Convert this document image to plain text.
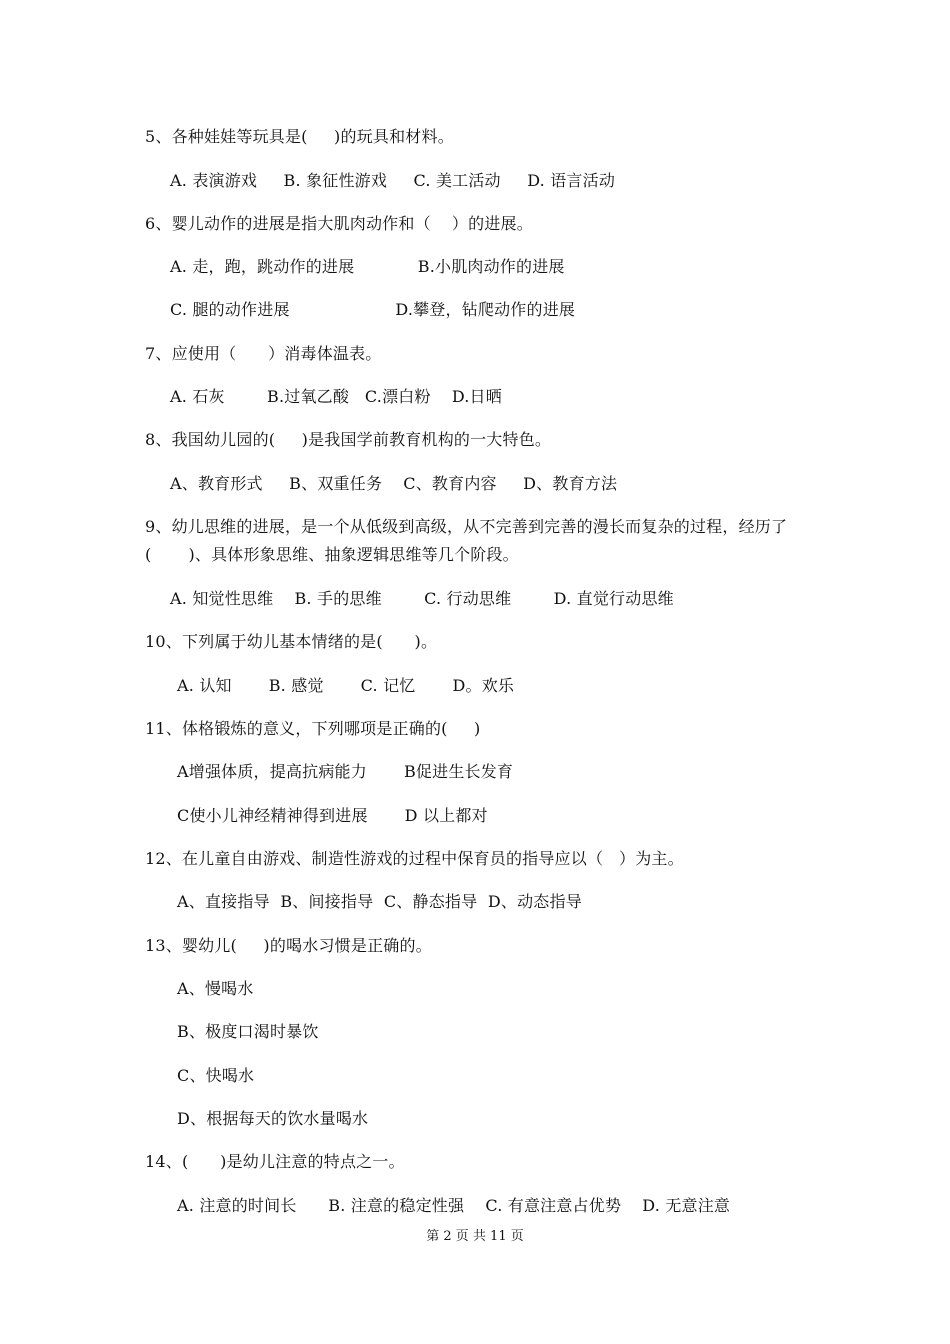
5、各种娃娃等玩具是(     )的玩具和材料。
A. 表演游戏     B. 象征性游戏     C. 美工活动     D. 语言活动
6、婴儿动作的进展是指大肌肉动作和（    ）的进展。
A. 走，跑，跳动作的进展            B.小肌肉动作的进展
C. 腿的动作进展                    D.攀登，钻爬动作的进展
7、应使用（      ）消毒体温表。
A. 石灰        B.过氧乙酸   C.漂白粉    D.日晒
8、我国幼儿园的(     )是我国学前教育机构的一大特色。
A、教育形式     B、双重任务    C、教育内容     D、教育方法
9、幼儿思维的进展，是一个从低级到高级，从不完善到完善的漫长而复杂的过程，经历了
(       )、具体形象思维、抽象逻辑思维等几个阶段。
A. 知觉性思维    B. 手的思维        C. 行动思维        D. 直觉行动思维
10、下列属于幼儿基本情绪的是(      )。
A. 认知       B. 感觉       C. 记忆       D。欢乐
11、体格锻炼的意义，下列哪项是正确的(     )
A增强体质，提高抗病能力       B促进生长发育
C使小儿神经精神得到进展       D 以上都对
12、在儿童自由游戏、制造性游戏的过程中保育员的指导应以（   ）为主。
A、直接指导  B、间接指导  C、静态指导  D、动态指导
13、婴幼儿(     )的喝水习惯是正确的。
A、慢喝水
B、极度口渴时暴饮
C、快喝水
D、根据每天的饮水量喝水
14、(      )是幼儿注意的特点之一。
A. 注意的时间长      B. 注意的稳定性强    C. 有意注意占优势    D. 无意注意
第 2 页 共 11 页
